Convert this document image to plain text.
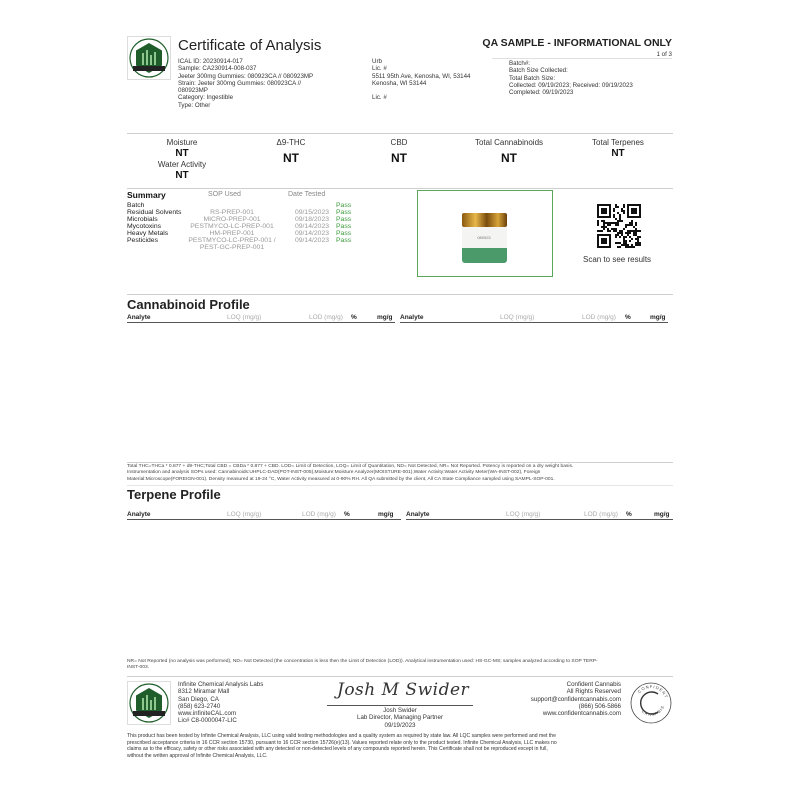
Certificate of Analysis
ICAL ID: 20230914-017
Sample: CA230914-008-037
Jeeter 300mg Gummies: 080923CA // 080923MP
Strain: Jeeter 300mg Gummies: 080923CA //
080923MP
Category: Ingestible
Type: Other
Urb
Lic. #
5511 95th Ave, Kenosha, WI, 53144
Kenosha, WI 53144
Lic. #
QA SAMPLE - INFORMATIONAL ONLY
1 of 3
Batch#:
Batch Size Collected:
Total Batch Size:
Collected: 09/19/2023; Received: 09/19/2023
Completed: 09/19/2023
Moisture
NT
Water Activity
NT
Δ9-THC
NT
CBD
NT
Total Cannabinoids
NT
Total Terpenes
NT
Summary	SOP Used	Date Tested
Batch	Pass
Residual Solvents	RS-PREP-001	09/15/2023	Pass
Microbials	MICRO-PREP-001	09/18/2023	Pass
Mycotoxins	PESTMYCO-LC-PREP-001	09/14/2023	Pass
Heavy Metals	HM-PREP-001	09/14/2023	Pass
Pesticides	PESTMYCO-LC-PREP-001 /	09/14/2023	Pass
PEST-GC-PREP-001
080923
Scan to see results
Cannabinoid Profile
Analyte	LOQ (mg/g)	LOD (mg/g) %	mg/g Analyte	LOQ (mg/g)	LOD (mg/g) %	mg/g
Total THC=THCa * 0.877 + d9-THC;Total CBD = CBDa * 0.877 + CBD. LOD= Limit of Detection, LOQ= Limit of Quantitation, ND= Not Detected, NR= Not Reported. Potency is reported on a dry weight basis.
Instrumentation and analysis SOPs used: Cannabinoids:UHPLC-DAD(POT-INST-005),Moisture:Moisture Analyzer(MOISTURE-001),Water Activity:Water Activity Meter(WA-INST-002), Foreign
Material:Microscope(FOREIGN-001). Density measured at 19-24 °C, Water Activity measured at 0-90% RH. All QA submitted by the client, All CA State Compliance sampled using SAMPL-SOP-001.
Terpene Profile
Analyte	LOQ (mg/g)	LOD (mg/g) %	mg/g Analyte	LOQ (mg/g)	LOD (mg/g) %	mg/g
NR= Not Reported (no analysis was performed), ND= Not Detected (the concentration is less then the Limit of Detection (LOD)). Analytical instrumentation used: HS-GC-MS; samples analyzed according to SOP TERP-
INST-003.
Infinite Chemical Analysis Labs
8312 Miramar Mall
San Diego, CA
(858) 623-2740
www.infiniteCAL.com
Lic# C8-0000047-LIC
Josh M Swider
Josh Swider
Lab Director, Managing Partner
09/19/2023
Confident Cannabis
All Rights Reserved
support@confidentcannabis.com
(866) 506-5866
www.confidentcannabis.com
CONFIDENT
CANNABIS
This product has been tested by Infinite Chemical Analysis, LLC using valid testing methodologies and a quality system as required by state law. All LQC samples were performed and met the
prescribed acceptance criteria in 16 CCR section 15730, pursuant to 16 CCR section 15726(e)(13). Values reported relate only to the product tested. Infinite Chemical Analysis, LLC makes no
claims as to the efficacy, safety or other risks associated with any detected or non-detected levels of any compounds reported herein. This Certificate shall not be reproduced except in full,
without the written approval of Infinite Chemical Analysis, LLC.
